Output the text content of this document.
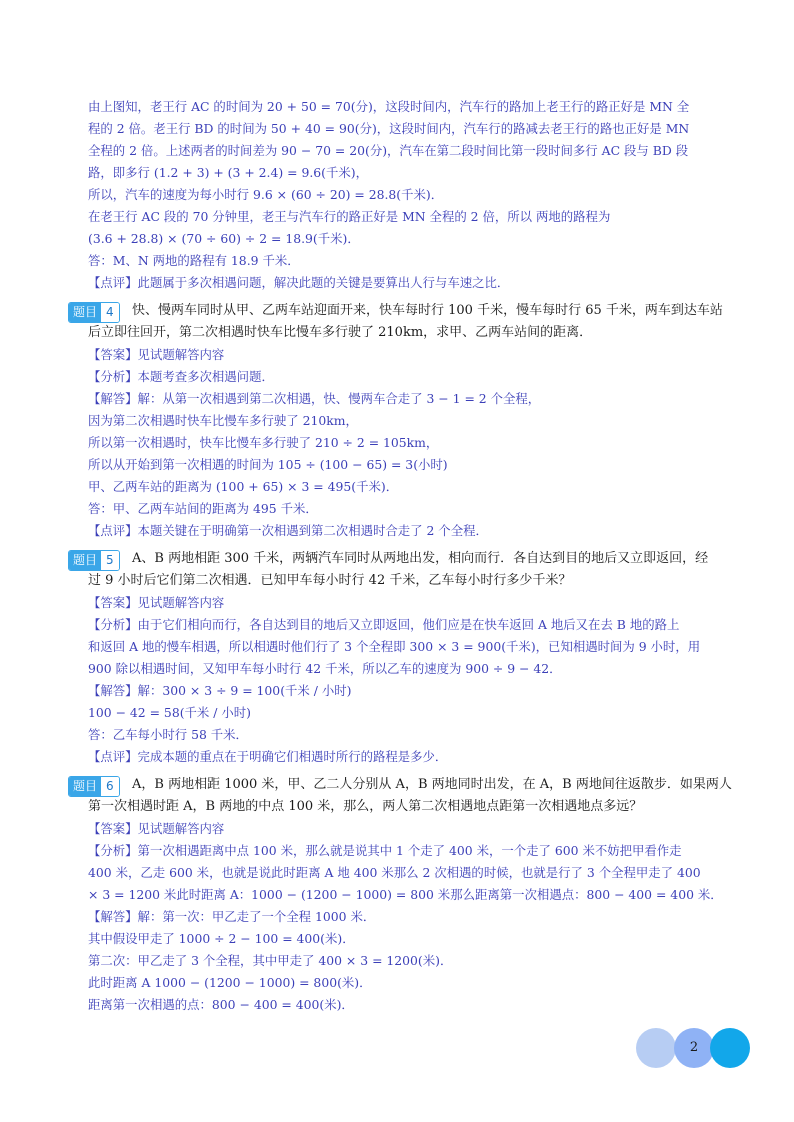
由上图知，老王行 AC 的时间为 20 + 50 = 70(分)，这段时间内，汽车行的路加上老王行的路正好是 MN 全
程的 2 倍。老王行 BD 的时间为 50 + 40 = 90(分)，这段时间内，汽车行的路减去老王行的路也正好是 MN
全程的 2 倍。上述两者的时间差为 90 − 70 = 20(分)，汽车在第二段时间比第一段时间多行 AC 段与 BD 段
路，即多行 (1.2 + 3) + (3 + 2.4) = 9.6(千米)，
所以，汽车的速度为每小时行 9.6 × (60 ÷ 20) = 28.8(千米)．
在老王行 AC 段的 70 分钟里，老王与汽车行的路正好是 MN 全程的 2 倍，所以 两地的路程为
(3.6 + 28.8) × (70 ÷ 60) ÷ 2 = 18.9(千米)．
答：M、N 两地的路程有 18.9 千米．
【点评】此题属于多次相遇问题，解决此题的关键是要算出人行与车速之比．
题目 4	快、慢两车同时从甲、乙两车站迎面开来，快车每时行 100 千米，慢车每时行 65 千米，两车到达车站
后立即往回开，第二次相遇时快车比慢车多行驶了 210km，求甲、乙两车站间的距离．
【答案】见试题解答内容
【分析】本题考查多次相遇问题．
【解答】解：从第一次相遇到第二次相遇，快、慢两车合走了 3 − 1 = 2 个全程，
因为第二次相遇时快车比慢车多行驶了 210km，
所以第一次相遇时，快车比慢车多行驶了 210 ÷ 2 = 105km，
所以从开始到第一次相遇的时间为 105 ÷ (100 − 65) = 3(小时)
甲、乙两车站的距离为 (100 + 65) × 3 = 495(千米)．
答：甲、乙两车站间的距离为 495 千米．
【点评】本题关键在于明确第一次相遇到第二次相遇时合走了 2 个全程．
题目 5	A、B 两地相距 300 千米，两辆汽车同时从两地出发，相向而行．各自达到目的地后又立即返回，经
过 9 小时后它们第二次相遇．已知甲车每小时行 42 千米，乙车每小时行多少千米？
【答案】见试题解答内容
【分析】由于它们相向而行，各自达到目的地后又立即返回，他们应是在快车返回 A 地后又在去 B 地的路上
和返回 A 地的慢车相遇，所以相遇时他们行了 3 个全程即 300 × 3 = 900(千米)，已知相遇时间为 9 小时，用
900 除以相遇时间，又知甲车每小时行 42 千米，所以乙车的速度为 900 ÷ 9 − 42．
【解答】解：300 × 3 ÷ 9 = 100(千米 / 小时)
100 − 42 = 58(千米 / 小时)
答：乙车每小时行 58 千米．
【点评】完成本题的重点在于明确它们相遇时所行的路程是多少．
题目 6	A，B 两地相距 1000 米，甲、乙二人分别从 A，B 两地同时出发，在 A，B 两地间往返散步．如果两人
第一次相遇时距 A，B 两地的中点 100 米，那么，两人第二次相遇地点距第一次相遇地点多远？
【答案】见试题解答内容
【分析】第一次相遇距离中点 100 米，那么就是说其中 1 个走了 400 米，一个走了 600 米不妨把甲看作走
400 米，乙走 600 米，也就是说此时距离 A 地 400 米那么 2 次相遇的时候，也就是行了 3 个全程甲走了 400
× 3 = 1200 米此时距离 A：1000 − (1200 − 1000) = 800 米那么距离第一次相遇点：800 − 400 = 400 米．
【解答】解：第一次：甲乙走了一个全程 1000 米．
其中假设甲走了 1000 ÷ 2 − 100 = 400(米)．
第二次：甲乙走了 3 个全程，其中甲走了 400 × 3 = 1200(米)．
此时距离 A 1000 − (1200 − 1000) = 800(米)．
距离第一次相遇的点：800 − 400 = 400(米)．
2
